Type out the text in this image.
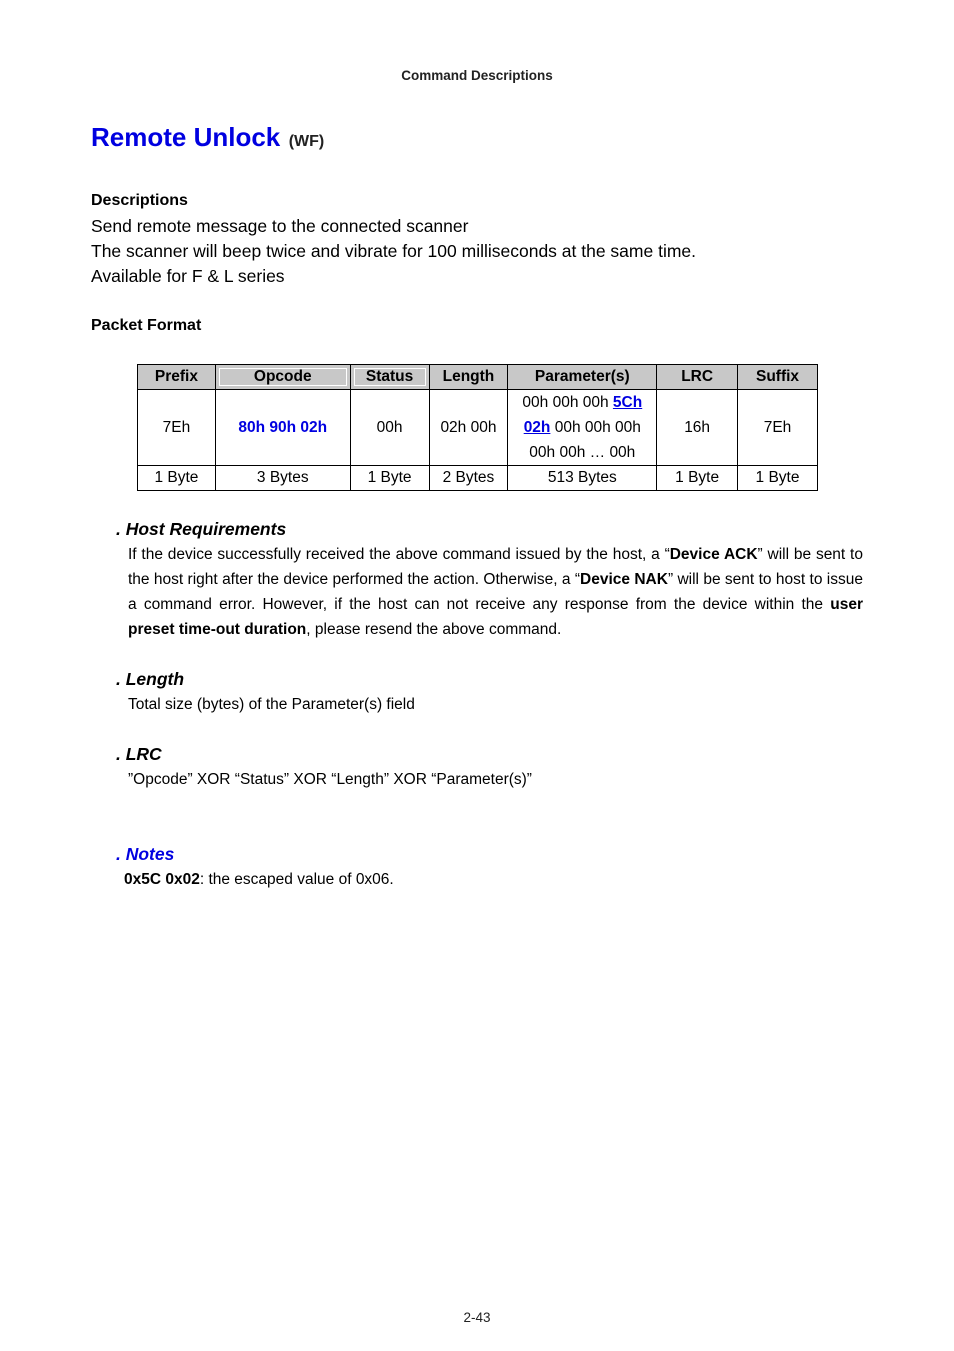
Command Descriptions
Remote Unlock (WF)
Descriptions
Send remote message to the connected scanner
The scanner will beep twice and vibrate for 100 milliseconds at the same time.
Available for F & L series
Packet Format
Prefix	Opcode	Status	Length	Parameter(s)	LRC	Suffix
7Eh	80h 90h 02h	00h	02h 00h	00h 00h 00h 5Ch
02h 00h 00h 00h
00h 00h … 00h	16h	7Eh
1 Byte	3 Bytes	1 Byte	2 Bytes	513 Bytes	1 Byte	1 Byte
. Host Requirements
If the device successfully received the above command issued by the host, a “Device ACK” will be sent to the host right after the device performed the action. Otherwise, a “Device NAK” will be sent to host to issue a command error. However, if the host can not receive any response from the device within the user preset time-out duration, please resend the above command.
. Length
Total size (bytes) of the Parameter(s) field
. LRC
”Opcode” XOR “Status” XOR “Length” XOR “Parameter(s)”
. Notes
0x5C 0x02: the escaped value of 0x06.
2-43
